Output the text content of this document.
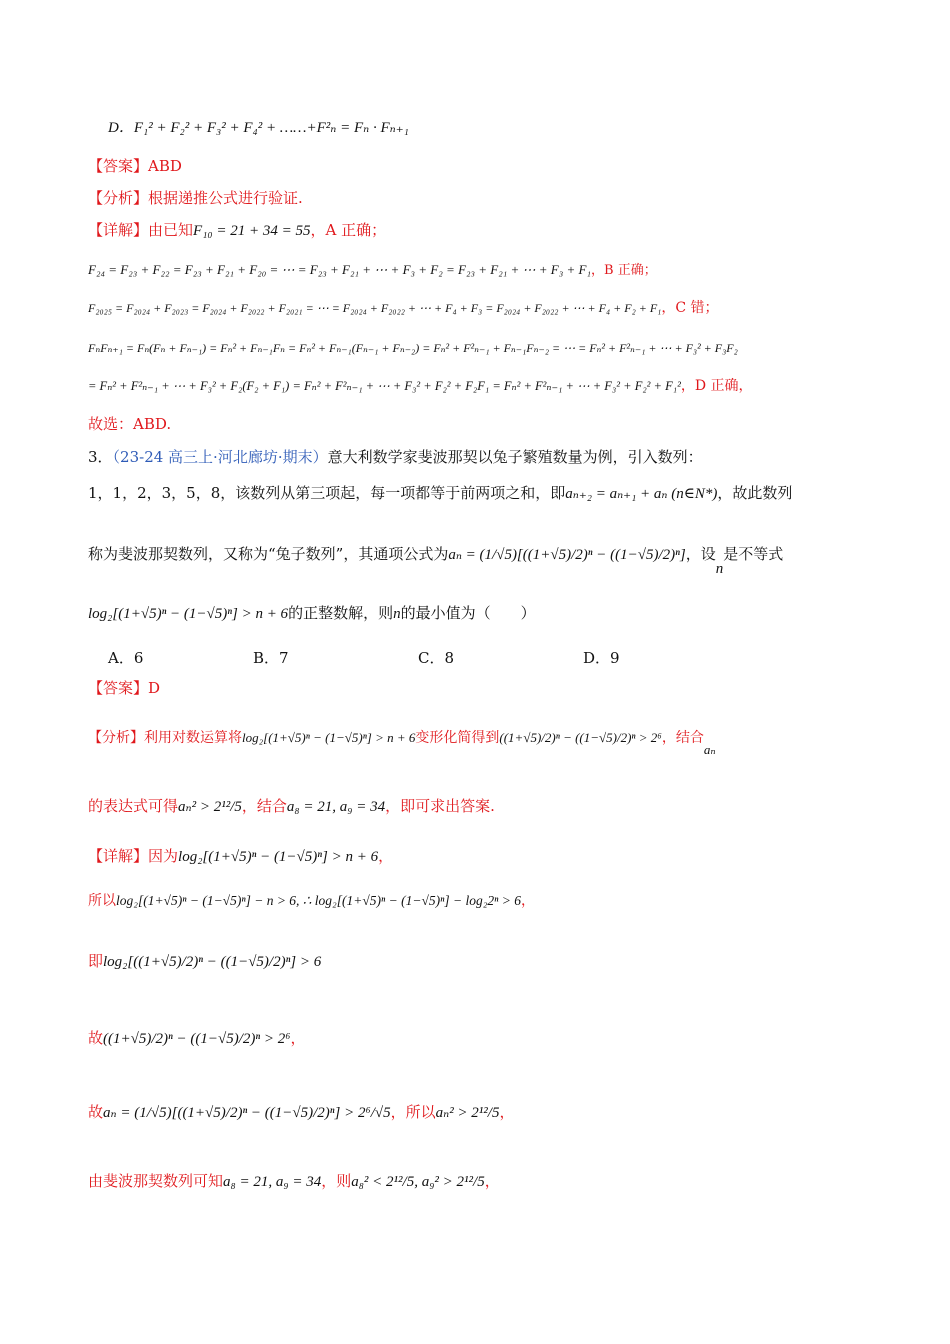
D．F₁² + F₂² + F₃² + F₄² + ……+F²ₙ = Fₙ · Fₙ₊₁
【答案】ABD
【分析】根据递推公式进行验证.
【详解】由已知F₁₀ = 21 + 34 = 55，A 正确；
F₂₄ = F₂₃ + F₂₂ = F₂₃ + F₂₁ + F₂₀ = ⋯ = F₂₃ + F₂₁ + ⋯ + F₃ + F₂ = F₂₃ + F₂₁ + ⋯ + F₃ + F₁，B 正确；
F₂₀₂₅ = F₂₀₂₄ + F₂₀₂₃ = F₂₀₂₄ + F₂₀₂₂ + F₂₀₂₁ = ⋯ = F₂₀₂₄ + F₂₀₂₂ + ⋯ + F₄ + F₃ = F₂₀₂₄ + F₂₀₂₂ + ⋯ + F₄ + F₂ + F₁，C 错；
FₙFₙ₊₁ = Fₙ(Fₙ + Fₙ₋₁) = Fₙ² + Fₙ₋₁Fₙ = Fₙ² + Fₙ₋₁(Fₙ₋₁ + Fₙ₋₂) = Fₙ² + F²ₙ₋₁ + Fₙ₋₁Fₙ₋₂ = ⋯ = Fₙ² + F²ₙ₋₁ + ⋯ + F₃² + F₃F₂
= Fₙ² + F²ₙ₋₁ + ⋯ + F₃² + F₂(F₂ + F₁) = Fₙ² + F²ₙ₋₁ + ⋯ + F₃² + F₂² + F₂F₁ = Fₙ² + F²ₙ₋₁ + ⋯ + F₃² + F₂² + F₁²，D 正确，
故选：ABD.
3．（23-24 高三上·河北廊坊·期末）意大利数学家斐波那契以兔子繁殖数量为例，引入数列：
1，1，2，3，5，8，该数列从第三项起，每一项都等于前两项之和，即aₙ₊₂ = aₙ₊₁ + aₙ (n∈N*)，故此数列
称为斐波那契数列，又称为“兔子数列”，其通项公式为aₙ = (1/√5)[((1+√5)/2)ⁿ − ((1−√5)/2)ⁿ]，设n是不等式
log₂[(1+√5)ⁿ − (1−√5)ⁿ] > n + 6的正整数解，则n的最小值为（　　）
A．6	B．7	C．8	D．9
【答案】D
【分析】利用对数运算将log₂[(1+√5)ⁿ − (1−√5)ⁿ] > n + 6变形化简得到((1+√5)/2)ⁿ − ((1−√5)/2)ⁿ > 2⁶，结合aₙ
的表达式可得aₙ² > 2¹²/5，结合a₈ = 21, a₉ = 34，即可求出答案.
【详解】因为log₂[(1+√5)ⁿ − (1−√5)ⁿ] > n + 6，
所以log₂[(1+√5)ⁿ − (1−√5)ⁿ] − n > 6, ∴ log₂[(1+√5)ⁿ − (1−√5)ⁿ] − log₂2ⁿ > 6，
即log₂[((1+√5)/2)ⁿ − ((1−√5)/2)ⁿ] > 6
故((1+√5)/2)ⁿ − ((1−√5)/2)ⁿ > 2⁶，
故aₙ = (1/√5)[((1+√5)/2)ⁿ − ((1−√5)/2)ⁿ] > 2⁶/√5，所以aₙ² > 2¹²/5，
由斐波那契数列可知a₈ = 21, a₉ = 34，则a₈² < 2¹²/5, a₉² > 2¹²/5，
